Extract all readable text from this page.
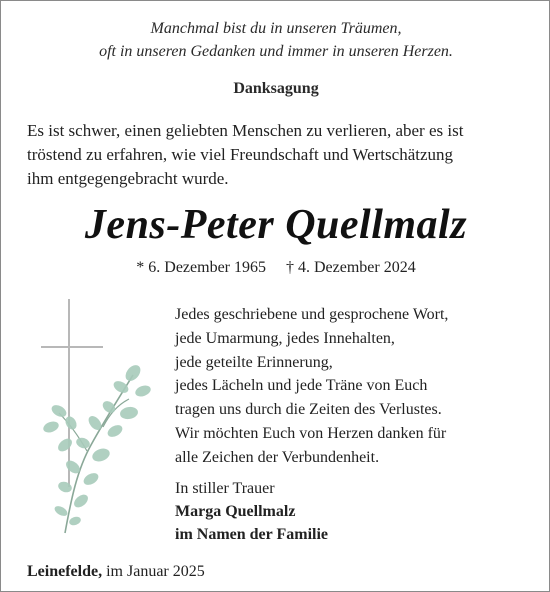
Manchmal bist du in unseren Träumen,
oft in unseren Gedanken und immer in unseren Herzen.
Danksagung
Es ist schwer, einen geliebten Menschen zu verlieren, aber es ist
tröstend zu erfahren, wie viel Freundschaft und Wertschätzung
ihm entgegengebracht wurde.
Jens-Peter Quellmalz
* 6. Dezember 1965 † 4. Dezember 2024
Jedes geschriebene und gesprochene Wort,
jede Umarmung, jedes Innehalten,
jede geteilte Erinnerung,
jedes Lächeln und jede Träne von Euch
tragen uns durch die Zeiten des Verlustes.
Wir möchten Euch von Herzen danken für
alle Zeichen der Verbundenheit.
In stiller Trauer
Marga Quellmalz
im Namen der Familie
Leinefelde, im Januar 2025
